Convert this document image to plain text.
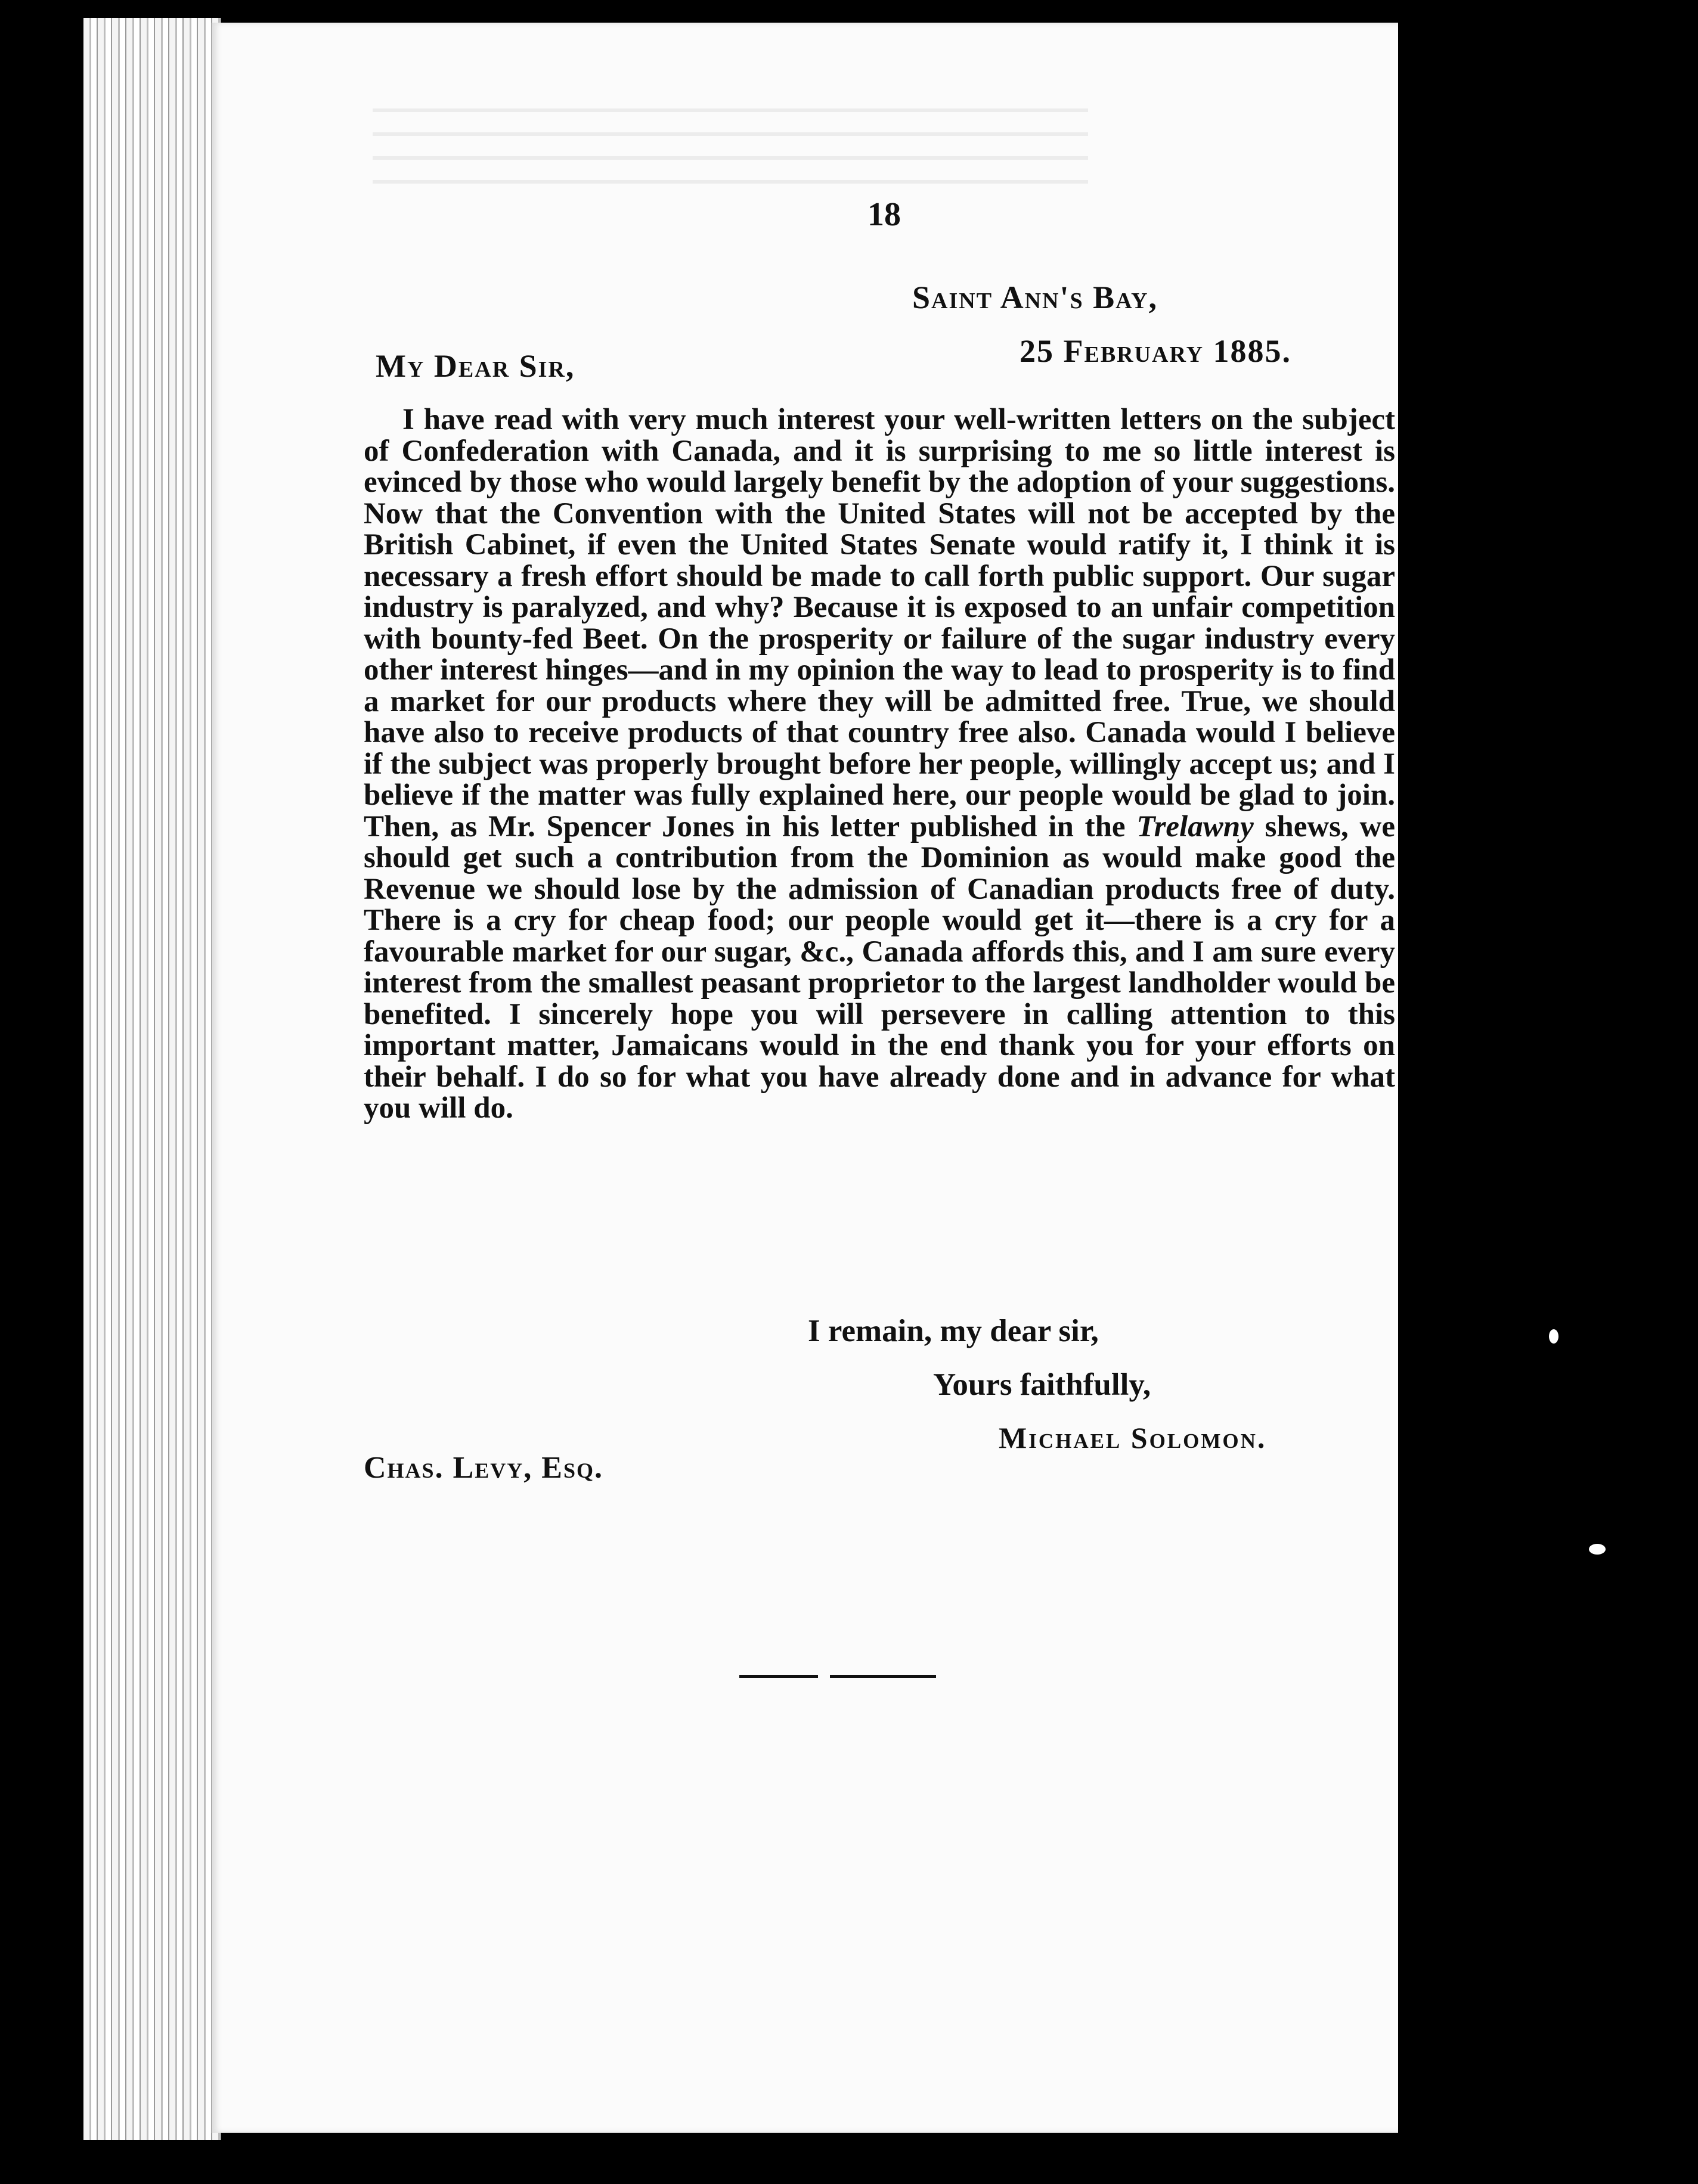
18
Saint Ann's Bay,
25 February 1885.
My Dear Sir,

I have read with very much interest your well-written letters on the subject of Confederation with Canada, and it is surprising to me so little interest is evinced by those who would largely benefit by the adoption of your suggestions. Now that the Convention with the United States will not be accepted by the British Cabinet, if even the United States Senate would ratify it, I think it is necessary a fresh effort should be made to call forth public support. Our sugar industry is paralyzed, and why? Because it is exposed to an unfair competition with bounty-fed Beet. On the prosperity or failure of the sugar industry every other interest hinges—and in my opinion the way to lead to prosperity is to find a market for our products where they will be admitted free. True, we should have also to receive products of that country free also. Canada would I believe if the subject was properly brought before her people, willingly accept us; and I believe if the matter was fully explained here, our people would be glad to join. Then, as Mr. Spencer Jones in his letter published in the Trelawny shews, we should get such a contribution from the Dominion as would make good the Revenue we should lose by the admission of Canadian products free of duty. There is a cry for cheap food; our people would get it—there is a cry for a favourable market for our sugar, &c., Canada affords this, and I am sure every interest from the smallest peasant proprietor to the largest landholder would be benefited. I sincerely hope you will persevere in calling attention to this important matter, Jamaicans would in the end thank you for your efforts on their behalf. I do so for what you have already done and in advance for what you will do.

I remain, my dear sir,
Yours faithfully,
Michael Solomon.
Chas. Levy, Esq.
